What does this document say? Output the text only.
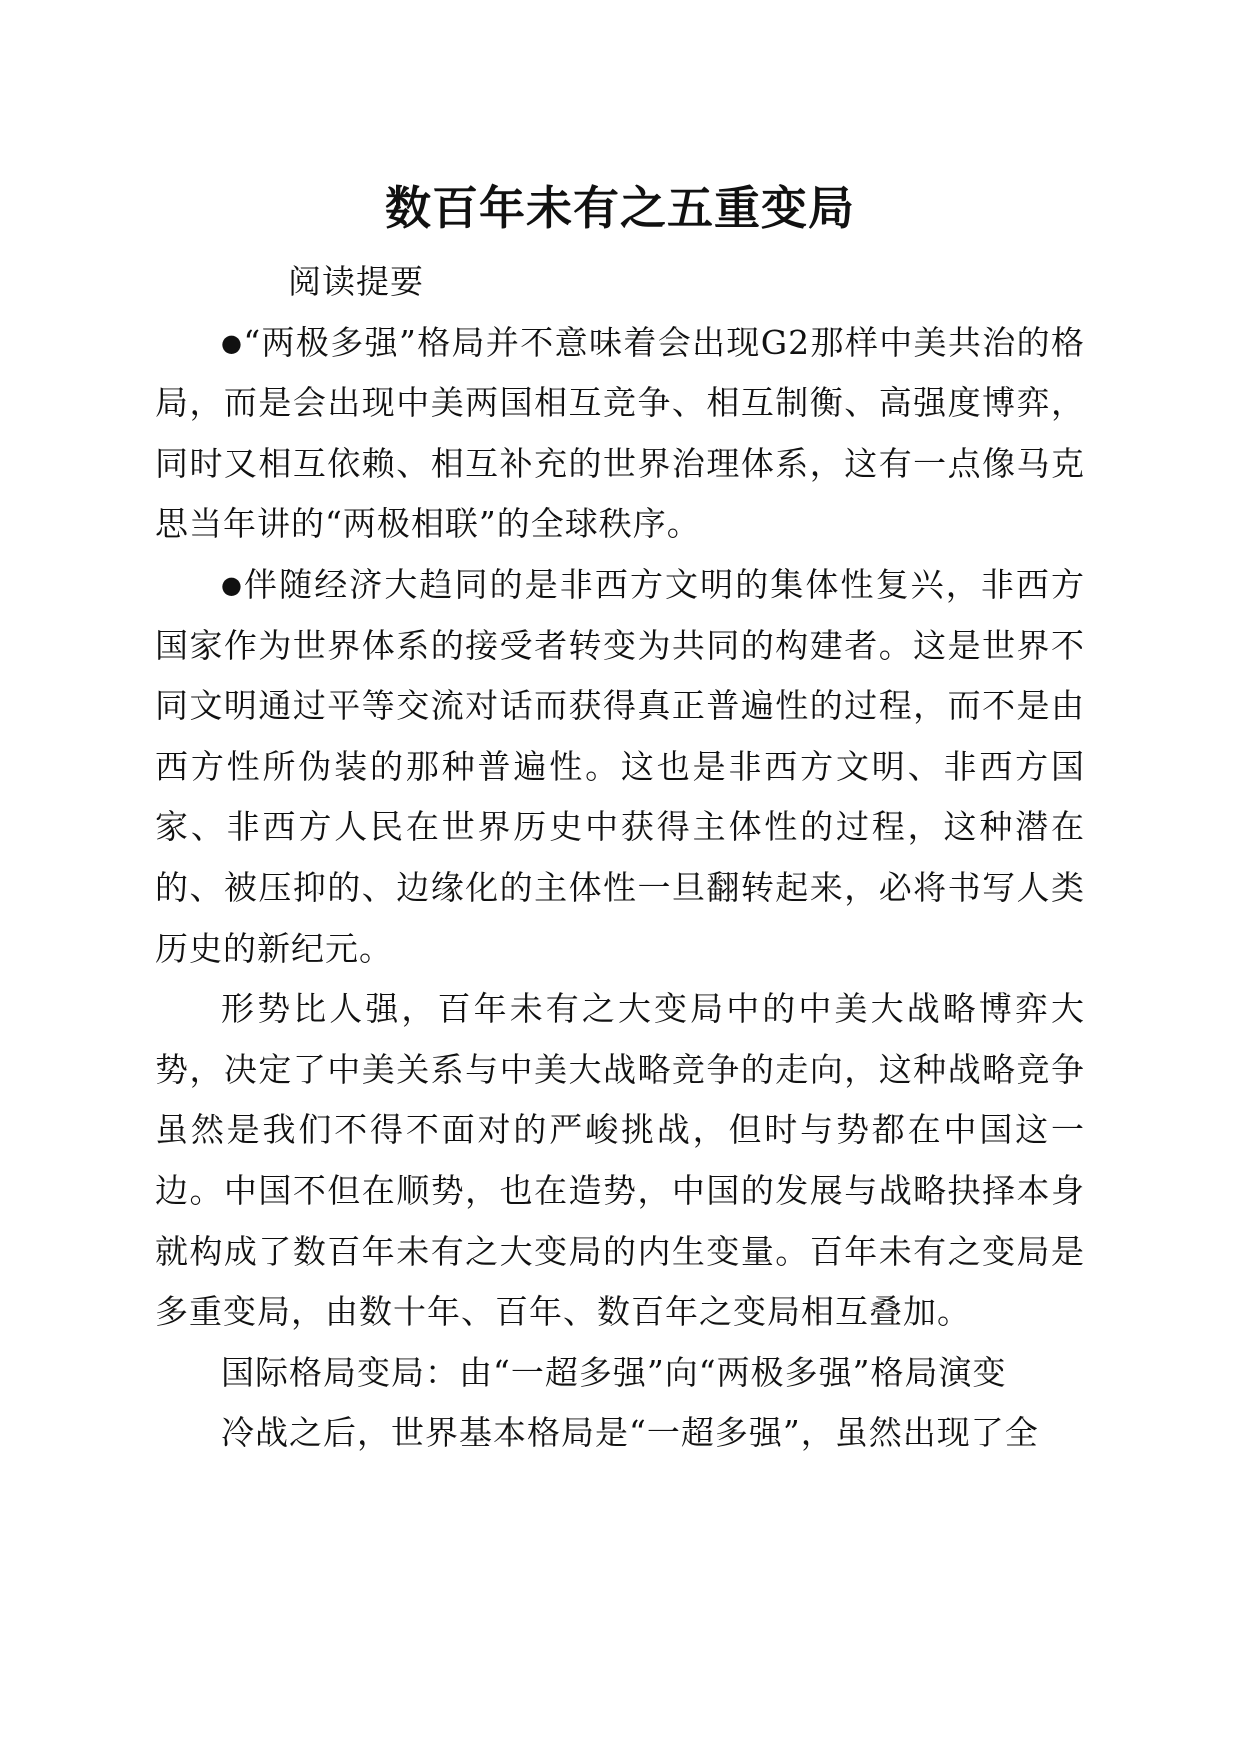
数百年未有之五重变局

阅读提要

●“两极多强”格局并不意味着会出现G2那样中美共治的格局，而是会出现中美两国相互竞争、相互制衡、高强度博弈，同时又相互依赖、相互补充的世界治理体系，这有一点像马克思当年讲的“两极相联”的全球秩序。

●伴随经济大趋同的是非西方文明的集体性复兴，非西方国家作为世界体系的接受者转变为共同的构建者。这是世界不同文明通过平等交流对话而获得真正普遍性的过程，而不是由西方性所伪装的那种普遍性。这也是非西方文明、非西方国家、非西方人民在世界历史中获得主体性的过程，这种潜在的、被压抑的、边缘化的主体性一旦翻转起来，必将书写人类历史的新纪元。

形势比人强，百年未有之大变局中的中美大战略博弈大势，决定了中美关系与中美大战略竞争的走向，这种战略竞争虽然是我们不得不面对的严峻挑战，但时与势都在中国这一边。中国不但在顺势，也在造势，中国的发展与战略抉择本身就构成了数百年未有之大变局的内生变量。百年未有之变局是多重变局，由数十年、百年、数百年之变局相互叠加。

国际格局变局：由“一超多强”向“两极多强”格局演变

冷战之后，世界基本格局是“一超多强”，虽然出现了全
